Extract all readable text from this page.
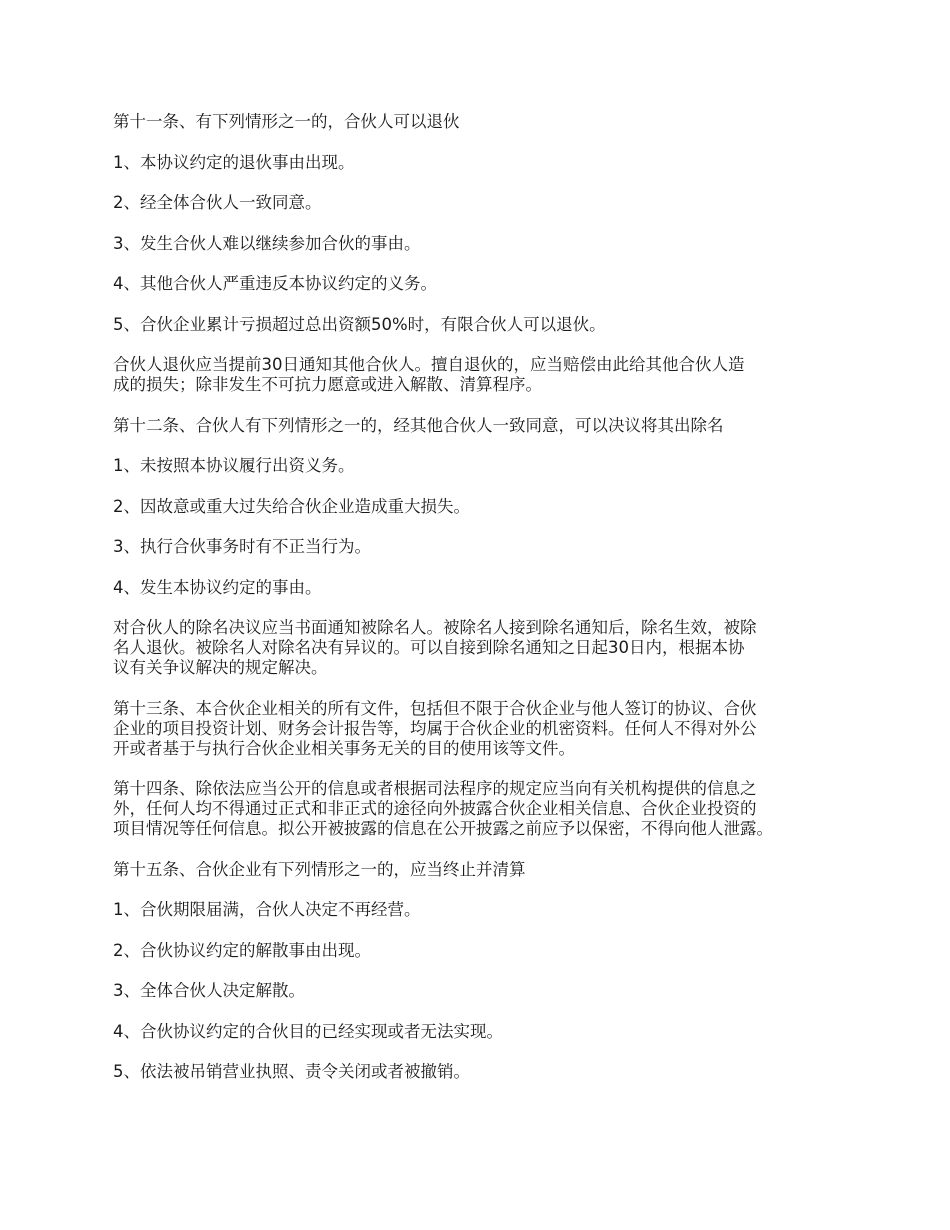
第十一条、有下列情形之一的，合伙人可以退伙

1、本协议约定的退伙事由出现。

2、经全体合伙人一致同意。

3、发生合伙人难以继续参加合伙的事由。

4、其他合伙人严重违反本协议约定的义务。

5、合伙企业累计亏损超过总出资额50%时，有限合伙人可以退伙。

合伙人退伙应当提前30日通知其他合伙人。擅自退伙的，应当赔偿由此给其他合伙人造
成的损失；除非发生不可抗力愿意或进入解散、清算程序。

第十二条、合伙人有下列情形之一的，经其他合伙人一致同意，可以决议将其出除名

1、未按照本协议履行出资义务。

2、因故意或重大过失给合伙企业造成重大损失。

3、执行合伙事务时有不正当行为。

4、发生本协议约定的事由。

对合伙人的除名决议应当书面通知被除名人。被除名人接到除名通知后，除名生效，被除
名人退伙。被除名人对除名决有异议的。可以自接到除名通知之日起30日内，根据本协
议有关争议解决的规定解决。

第十三条、本合伙企业相关的所有文件，包括但不限于合伙企业与他人签订的协议、合伙
企业的项目投资计划、财务会计报告等，均属于合伙企业的机密资料。任何人不得对外公
开或者基于与执行合伙企业相关事务无关的目的使用该等文件。

第十四条、除依法应当公开的信息或者根据司法程序的规定应当向有关机构提供的信息之
外，任何人均不得通过正式和非正式的途径向外披露合伙企业相关信息、合伙企业投资的
项目情况等任何信息。拟公开被披露的信息在公开披露之前应予以保密，不得向他人泄露。

第十五条、合伙企业有下列情形之一的，应当终止并清算

1、合伙期限届满，合伙人决定不再经营。

2、合伙协议约定的解散事由出现。

3、全体合伙人决定解散。

4、合伙协议约定的合伙目的已经实现或者无法实现。

5、依法被吊销营业执照、责令关闭或者被撤销。
